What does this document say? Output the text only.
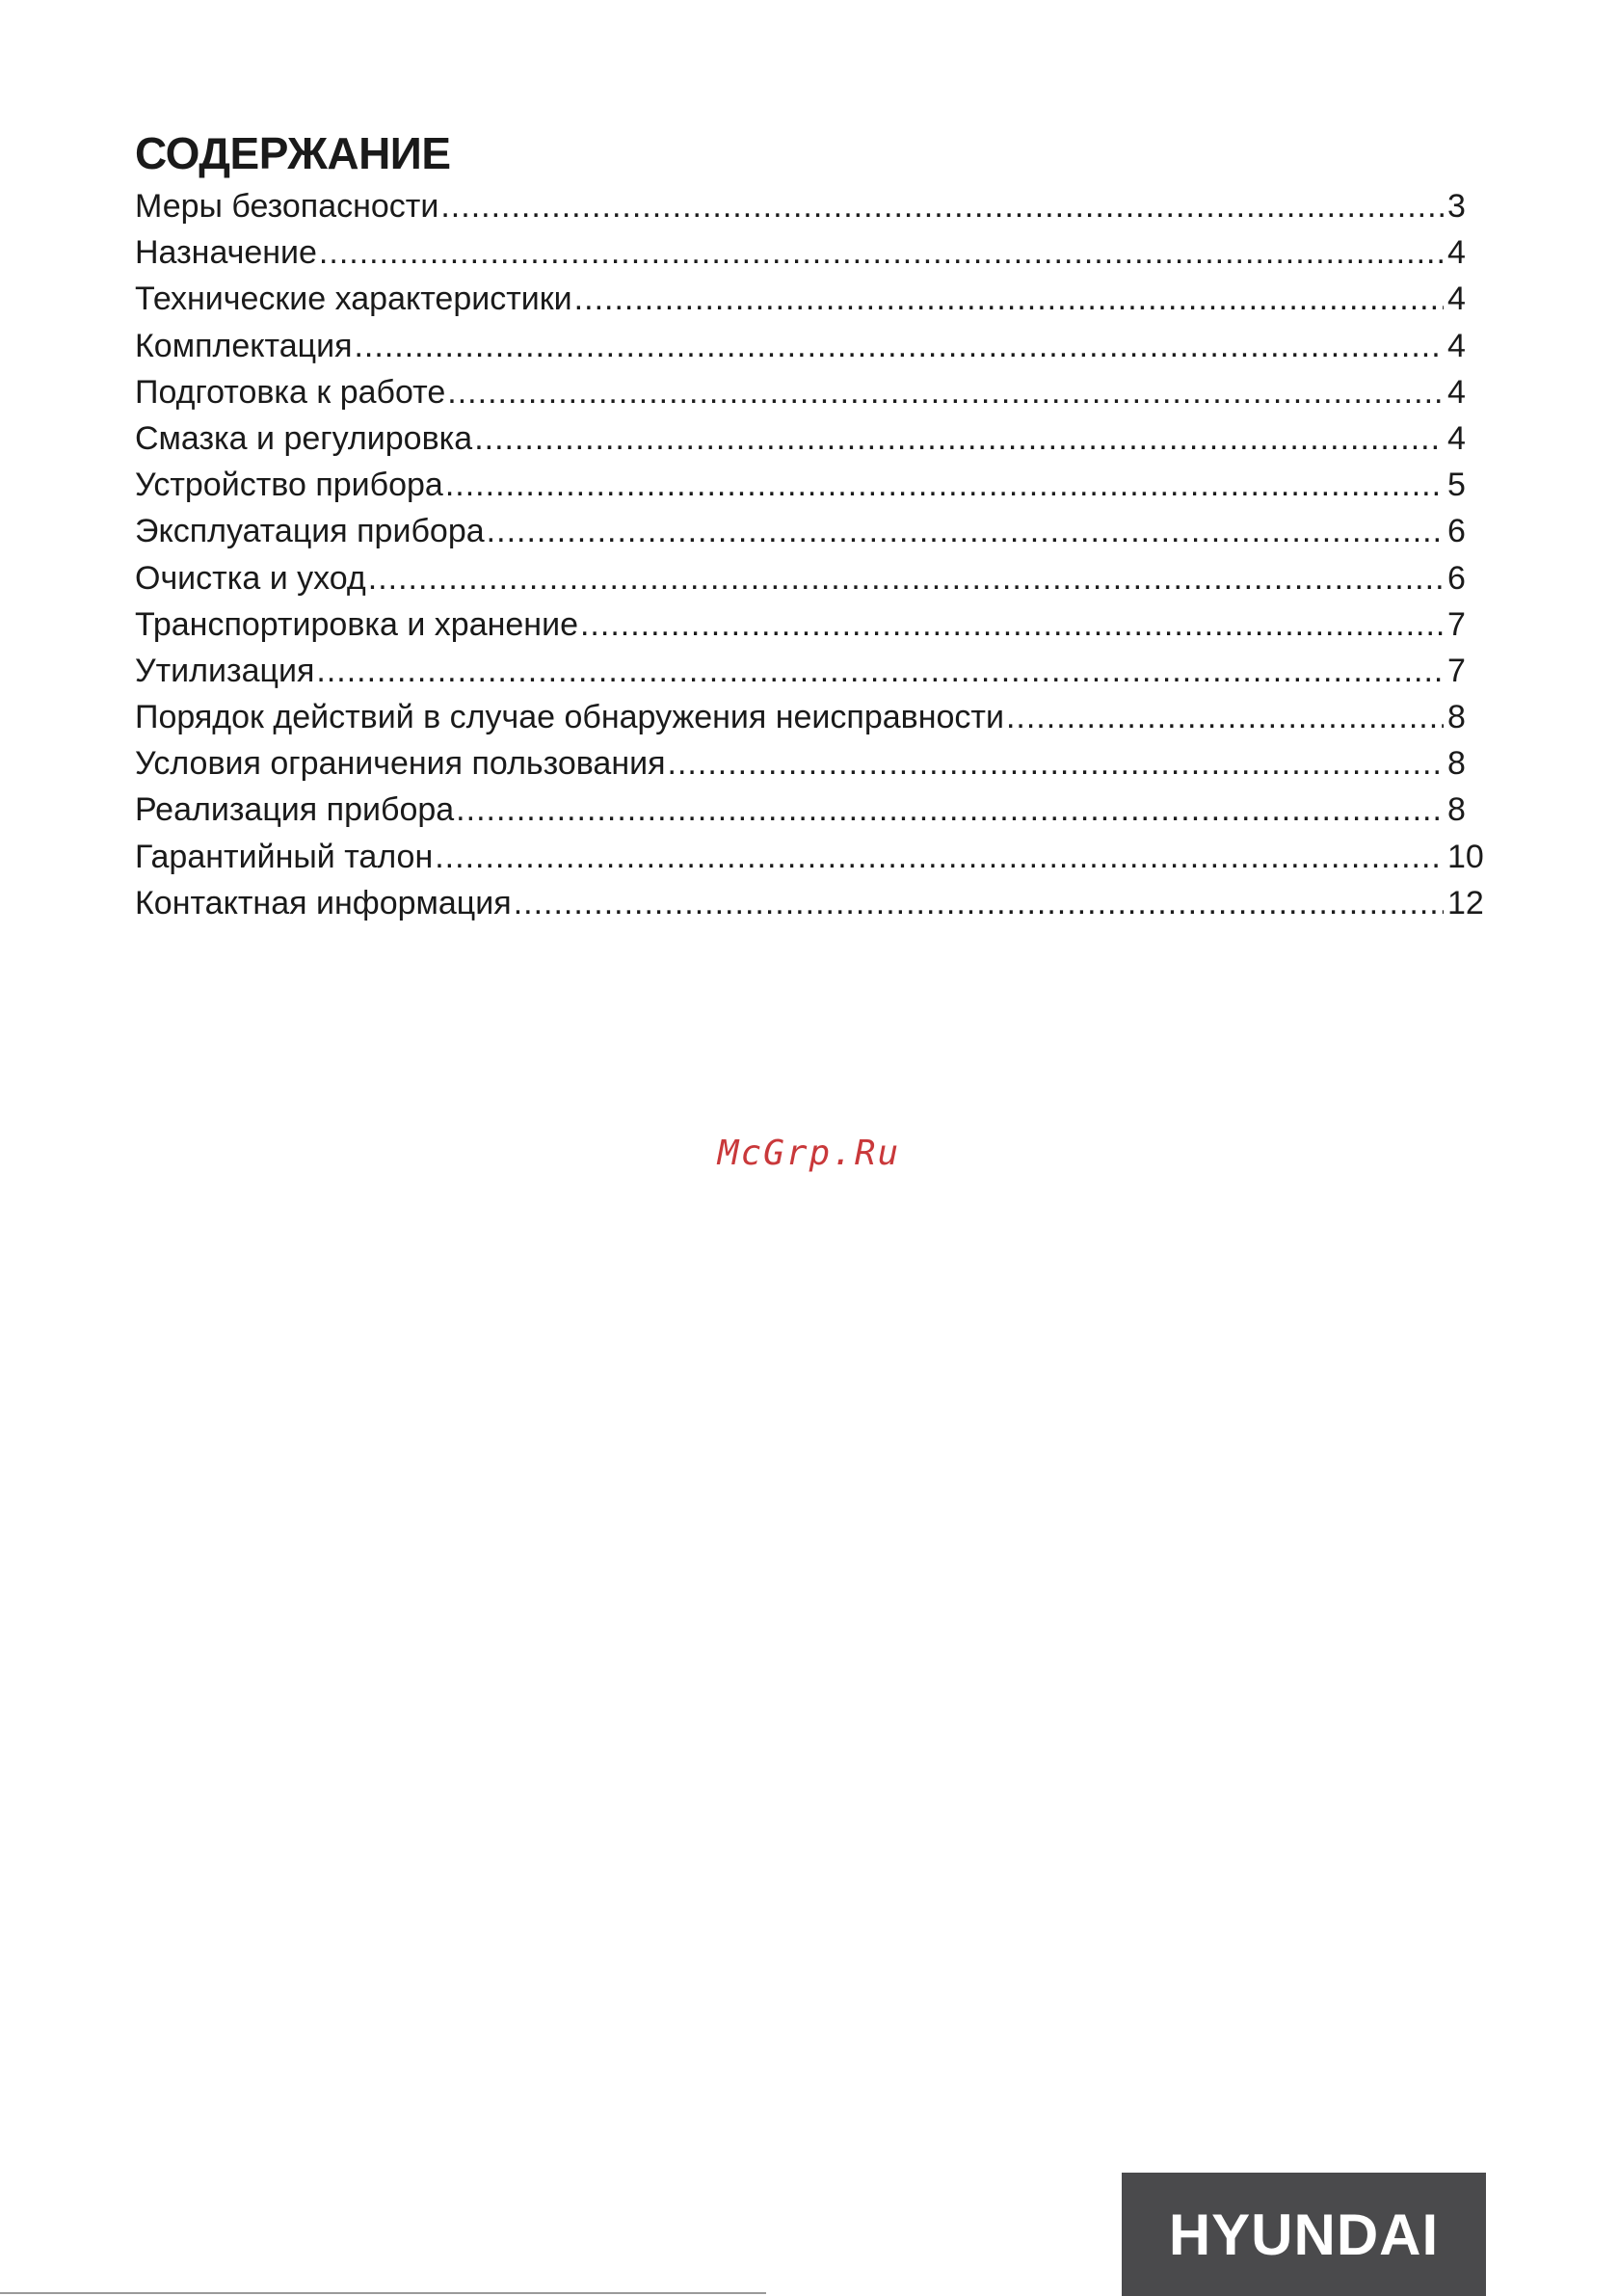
СОДЕРЖАНИЕ
Меры безопасности .....	3
Назначение .....	4
Технические характеристики .....	4
Комплектация .....	4
Подготовка к работе .....	4
Смазка и регулировка .....	4
Устройство прибора .....	5
Эксплуатация прибора .....	6
Очистка и уход .....	6
Транспортировка и хранение .....	7
Утилизация .....	7
Порядок действий в случае обнаружения неисправности .....	8
Условия ограничения пользования .....	8
Реализация прибора .....	8
Гарантийный талон .....	10
Контактная информация .....	12
McGrp.Ru
HYUNDAI
